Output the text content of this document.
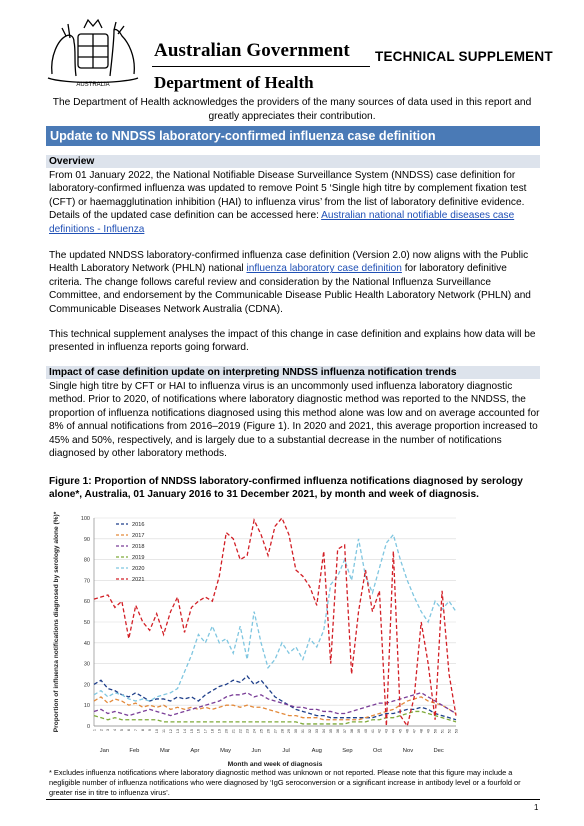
AUSTRALIA
Australian Government
Department of Health
TECHNICAL SUPPLEMENT
The Department of Health acknowledges the providers of the many sources of data used in this report and greatly appreciates their contribution.
Update to NNDSS laboratory-confirmed influenza case definition
Overview
From 01 January 2022, the National Notifiable Disease Surveillance System (NNDSS) case definition for laboratory-confirmed influenza was updated to remove Point 5 ‘Single high titre by complement fixation test (CFT) or haemagglutination inhibition (HAI) to influenza virus’ from the list of laboratory definitive evidence. Details of the updated case definition can be accessed here: Australian national notifiable diseases case definitions - Influenza
The updated NNDSS laboratory-confirmed influenza case definition (Version 2.0) now aligns with the Public Health Laboratory Network (PHLN) national influenza laboratory case definition for laboratory definitive criteria. The change follows careful review and consideration by the National Influenza Surveillance Committee, and endorsement by the Communicable Disease Public Health Laboratory Network (PHLN) and Communicable Diseases Network Australia (CDNA).
This technical supplement analyses the impact of this change in case definition and explains how data will be presented in influenza reports going forward.
Impact of case definition update on interpreting NNDSS influenza notification trends
Single high titre by CFT or HAI to influenza virus is an uncommonly used influenza laboratory diagnostic method. Prior to 2020, of notifications where laboratory diagnostic method was reported to the NNDSS, the proportion of influenza notifications diagnosed using this method alone was low and on average accounted for 8% of annual notifications from 2016–2019 (Figure 1). In 2020 and 2021, this average proportion increased to 45% and 50%, respectively, and is largely due to a substantial decrease in the number of notifications diagnosed by other laboratory methods.
Figure 1: Proportion of NNDSS laboratory-confirmed influenza notifications diagnosed by serology alone*, Australia, 01 January 2016 to 31 December 2021, by month and week of diagnosis.
0
10
20
30
40
50
60
70
80
90
100
1 2 3 4 5 6 7 8 9 10 11 12 13 14 15 16 17 18 19 20 21 22 23 24 25 26 27 28 29 30 31 32 33 34 35 36 37 38 39 40 41 42 43 44 45 46 47 48 49 50 51 52 53
Jan	Feb	Mar	Apr	May	Jun	Jul	Aug	Sep	Oct	Nov	Dec
Proportion of influenza notifications diagnosed by serology alone (%)*
Month and week of diagnosis
2016
2017
2018
2019
2020
2021
* Excludes influenza notifications where laboratory diagnostic method was unknown or not reported. Please note that this figure may include a negligible number of influenza notifications who were diagnosed by ‘IgG seroconversion or a significant increase in antibody level or a fourfold or greater rise in titre to influenza virus’.
1
